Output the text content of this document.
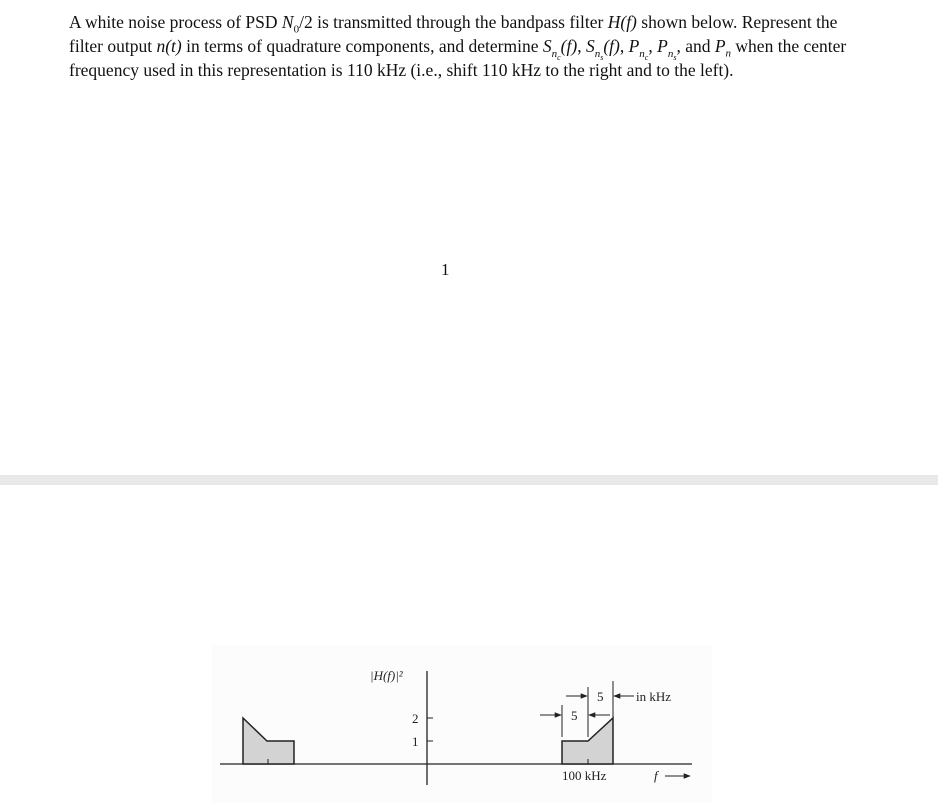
A white noise process of PSD $N_0/2$ is transmitted through the bandpass filter H(f) shown below. Represent the filter output n(t) in terms of quadrature components, and determine $S_{n_c}(f)$, $S_{n_s}(f)$, $P_{n_c}$, $P_{n_s}$, and $P_n$ when the center frequency used in this representation is 110 kHz (i.e., shift 110 kHz to the right and to the left).

1
2
1
|H(f)|²
5
5	in kHz
100 kHz	f
